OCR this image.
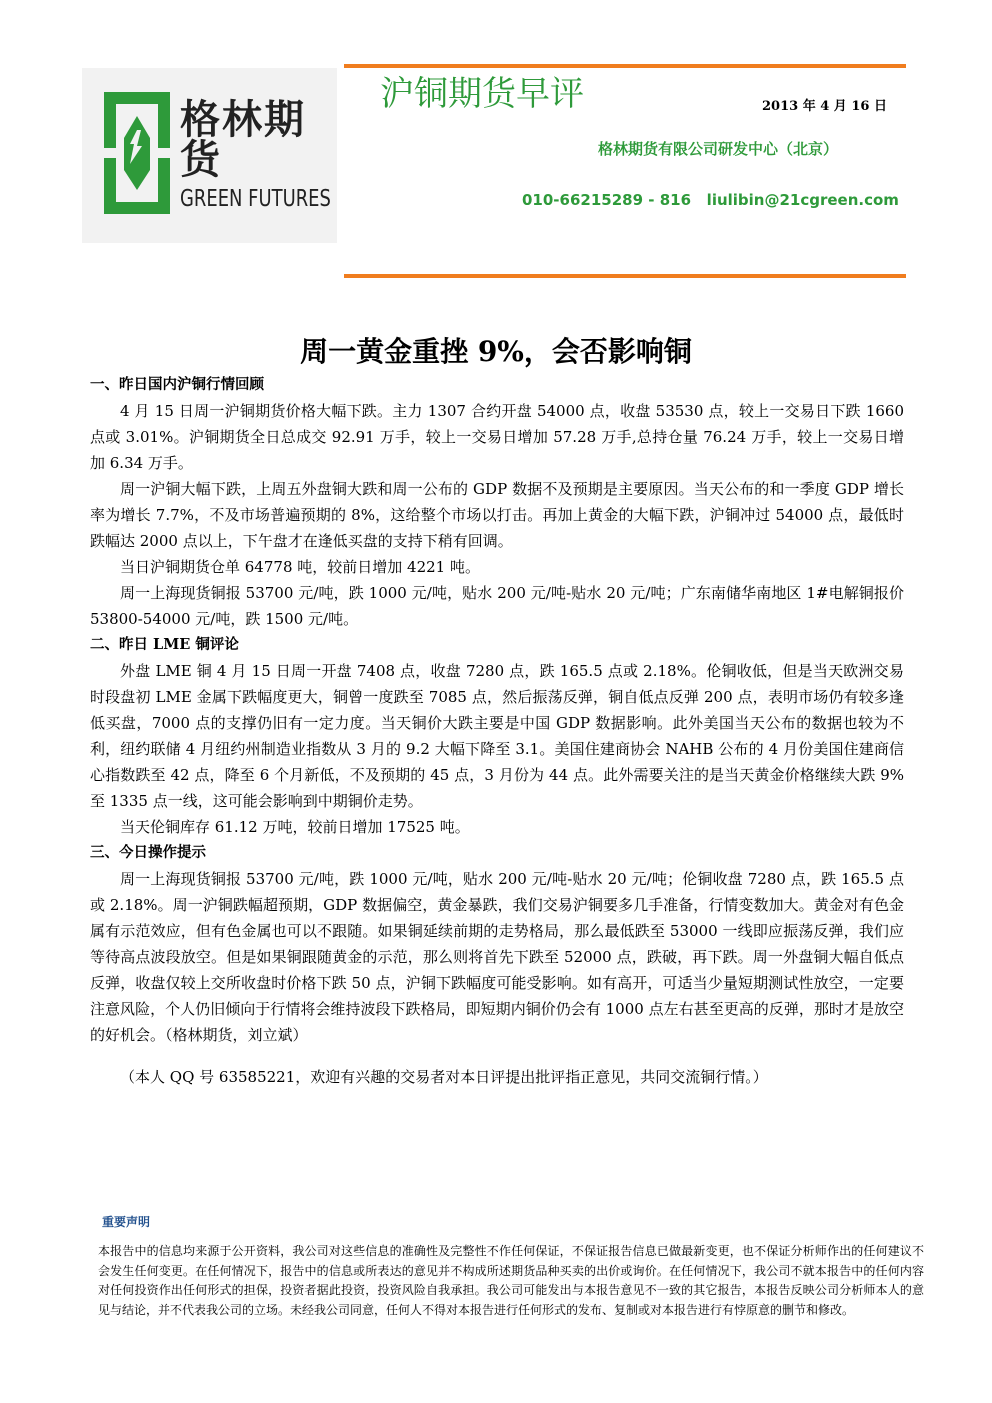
格林期货
GREEN FUTURES
沪铜期货早评	2013 年 4 月 16 日
格林期货有限公司研发中心（北京）
010-66215289 - 816   liulibin@21cgreen.com
周一黄金重挫 9%，会否影响铜

一、昨日国内沪铜行情回顾

4 月 15 日周一沪铜期货价格大幅下跌。主力 1307 合约开盘 54000 点，收盘 53530 点，较上一交易日下跌 1660 点或 3.01%。沪铜期货全日总成交 92.91 万手，较上一交易日增加 57.28 万手,总持仓量 76.24 万手，较上一交易日增加 6.34 万手。

周一沪铜大幅下跌，上周五外盘铜大跌和周一公布的 GDP 数据不及预期是主要原因。当天公布的和一季度 GDP 增长率为增长 7.7%，不及市场普遍预期的 8%，这给整个市场以打击。再加上黄金的大幅下跌，沪铜冲过 54000 点，最低时跌幅达 2000 点以上，下午盘才在逢低买盘的支持下稍有回调。

当日沪铜期货仓单 64778 吨，较前日增加 4221 吨。

周一上海现货铜报 53700 元/吨，跌 1000 元/吨，贴水 200 元/吨-贴水 20 元/吨；广东南储华南地区 1#电解铜报价 53800-54000 元/吨，跌 1500 元/吨。

二、昨日 LME 铜评论

外盘 LME 铜 4 月 15 日周一开盘 7408 点，收盘 7280 点，跌 165.5 点或 2.18%。伦铜收低，但是当天欧洲交易时段盘初 LME 金属下跌幅度更大，铜曾一度跌至 7085 点，然后振荡反弹，铜自低点反弹 200 点，表明市场仍有较多逢低买盘，7000 点的支撑仍旧有一定力度。当天铜价大跌主要是中国 GDP 数据影响。此外美国当天公布的数据也较为不利，纽约联储 4 月纽约州制造业指数从 3 月的 9.2 大幅下降至 3.1。美国住建商协会 NAHB 公布的 4 月份美国住建商信心指数跌至 42 点，降至 6 个月新低，不及预期的 45 点，3 月份为 44 点。此外需要关注的是当天黄金价格继续大跌 9%至 1335 点一线，这可能会影响到中期铜价走势。

当天伦铜库存 61.12 万吨，较前日增加 17525 吨。

三、今日操作提示

周一上海现货铜报 53700 元/吨，跌 1000 元/吨，贴水 200 元/吨-贴水 20 元/吨；伦铜收盘 7280 点，跌 165.5 点或 2.18%。周一沪铜跌幅超预期，GDP 数据偏空，黄金暴跌，我们交易沪铜要多几手准备，行情变数加大。黄金对有色金属有示范效应，但有色金属也可以不跟随。如果铜延续前期的走势格局，那么最低跌至 53000 一线即应振荡反弹，我们应等待高点波段放空。但是如果铜跟随黄金的示范，那么则将首先下跌至 52000 点，跌破，再下跌。周一外盘铜大幅自低点反弹，收盘仅较上交所收盘时价格下跌 50 点，沪铜下跌幅度可能受影响。如有高开，可适当少量短期测试性放空，一定要注意风险，个人仍旧倾向于行情将会维持波段下跌格局，即短期内铜价仍会有 1000 点左右甚至更高的反弹，那时才是放空的好机会。（格林期货，刘立斌）

（本人 QQ 号 63585221，欢迎有兴趣的交易者对本日评提出批评指正意见，共同交流铜行情。）

重要声明
本报告中的信息均来源于公开资料，我公司对这些信息的准确性及完整性不作任何保证，不保证报告信息已做最新变更，也不保证分析师作出的任何建议不会发生任何变更。在任何情况下，报告中的信息或所表达的意见并不构成所述期货品种买卖的出价或询价。在任何情况下，我公司不就本报告中的任何内容对任何投资作出任何形式的担保，投资者据此投资，投资风险自我承担。我公司可能发出与本报告意见不一致的其它报告，本报告反映公司分析师本人的意见与结论，并不代表我公司的立场。未经我公司同意，任何人不得对本报告进行任何形式的发布、复制或对本报告进行有悖原意的删节和修改。
